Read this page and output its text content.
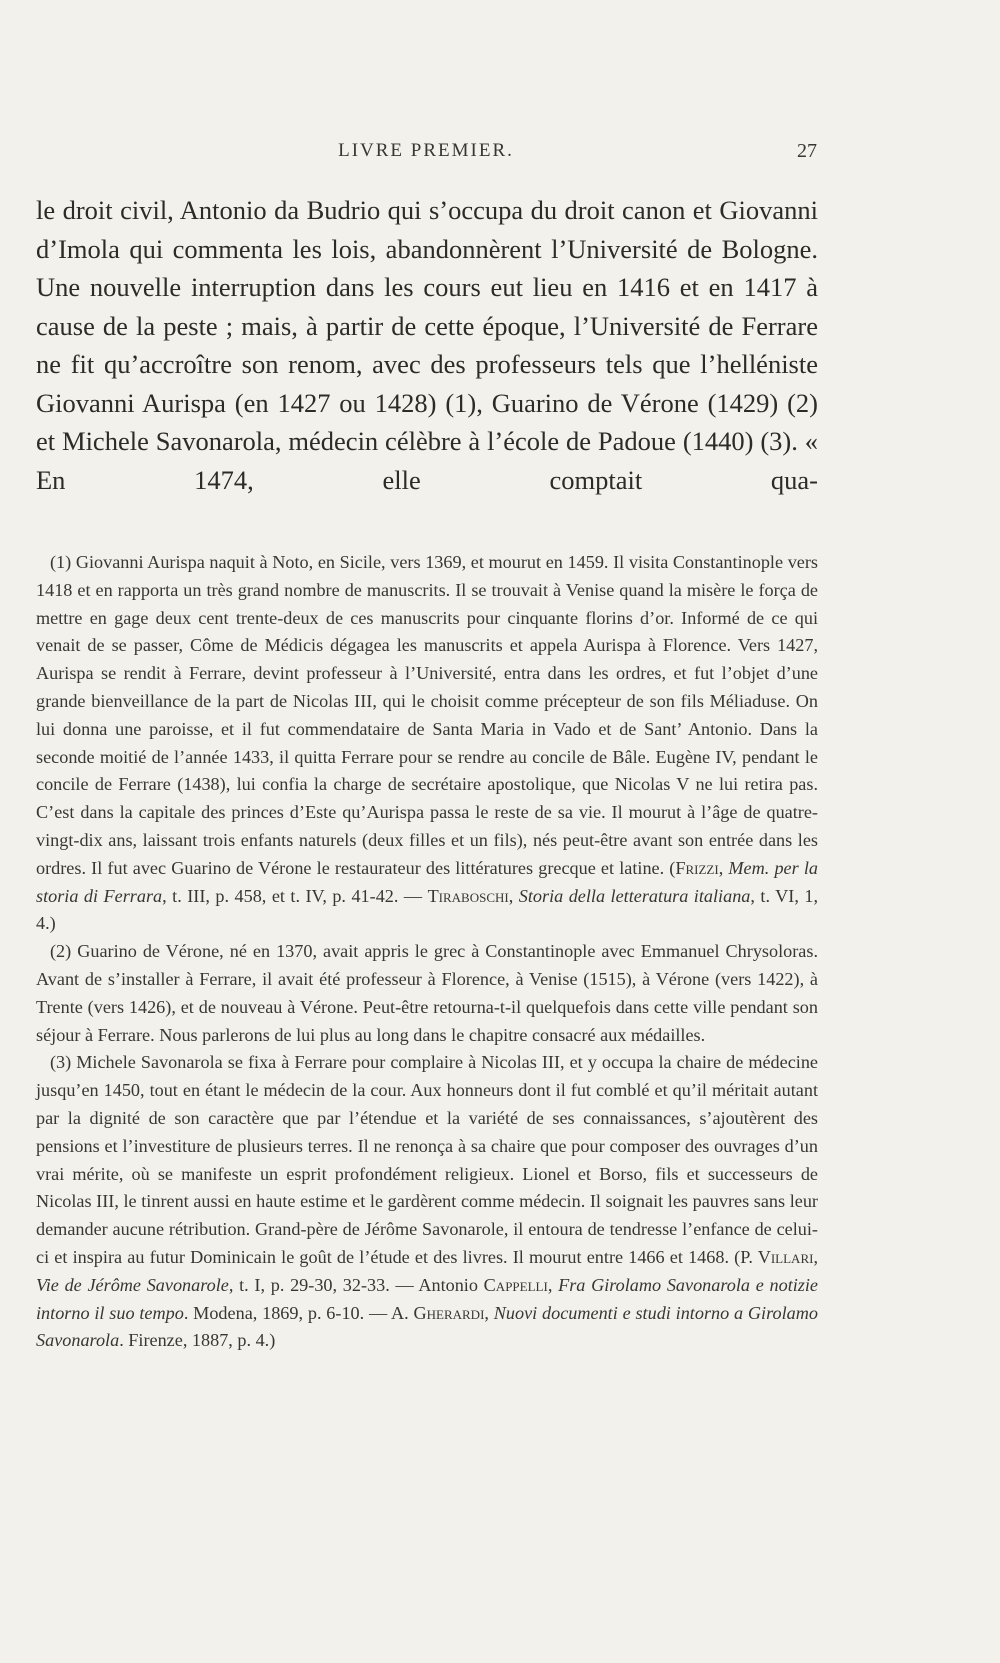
LIVRE PREMIER.	27

le droit civil, Antonio da Budrio qui s’occupa du droit canon et Giovanni d’Imola qui commenta les lois, abandonnèrent l’Université de Bologne. Une nouvelle interruption dans les cours eut lieu en 1416 et en 1417 à cause de la peste ; mais, à partir de cette époque, l’Université de Ferrare ne fit qu’accroître son renom, avec des professeurs tels que l’helléniste Giovanni Aurispa (en 1427 ou 1428) (1), Guarino de Vérone (1429) (2) et Michele Savonarola, médecin célèbre à l’école de Padoue (1440) (3). « En 1474, elle comptait qua-

(1) Giovanni Aurispa naquit à Noto, en Sicile, vers 1369, et mourut en 1459. Il visita Constantinople vers 1418 et en rapporta un très grand nombre de manuscrits. Il se trouvait à Venise quand la misère le força de mettre en gage deux cent trente-deux de ces manuscrits pour cinquante florins d’or. Informé de ce qui venait de se passer, Côme de Médicis dégagea les manuscrits et appela Aurispa à Florence. Vers 1427, Aurispa se rendit à Ferrare, devint professeur à l’Université, entra dans les ordres, et fut l’objet d’une grande bienveillance de la part de Nicolas III, qui le choisit comme précepteur de son fils Méliaduse. On lui donna une paroisse, et il fut commendataire de Santa Maria in Vado et de Sant’ Antonio. Dans la seconde moitié de l’année 1433, il quitta Ferrare pour se rendre au concile de Bâle. Eugène IV, pendant le concile de Ferrare (1438), lui confia la charge de secrétaire apostolique, que Nicolas V ne lui retira pas. C’est dans la capitale des princes d’Este qu’Aurispa passa le reste de sa vie. Il mourut à l’âge de quatre-vingt-dix ans, laissant trois enfants naturels (deux filles et un fils), nés peut-être avant son entrée dans les ordres. Il fut avec Guarino de Vérone le restaurateur des littératures grecque et latine. (Frizzi, Mem. per la storia di Ferrara, t. III, p. 458, et t. IV, p. 41-42. — Tiraboschi, Storia della letteratura italiana, t. VI, 1, 4.)

(2) Guarino de Vérone, né en 1370, avait appris le grec à Constantinople avec Emmanuel Chrysoloras. Avant de s’installer à Ferrare, il avait été professeur à Florence, à Venise (1515), à Vérone (vers 1422), à Trente (vers 1426), et de nouveau à Vérone. Peut-être retourna-t-il quelquefois dans cette ville pendant son séjour à Ferrare. Nous parlerons de lui plus au long dans le chapitre consacré aux médailles.

(3) Michele Savonarola se fixa à Ferrare pour complaire à Nicolas III, et y occupa la chaire de médecine jusqu’en 1450, tout en étant le médecin de la cour. Aux honneurs dont il fut comblé et qu’il méritait autant par la dignité de son caractère que par l’étendue et la variété de ses connaissances, s’ajoutèrent des pensions et l’investiture de plusieurs terres. Il ne renonça à sa chaire que pour composer des ouvrages d’un vrai mérite, où se manifeste un esprit profondément religieux. Lionel et Borso, fils et successeurs de Nicolas III, le tinrent aussi en haute estime et le gardèrent comme médecin. Il soignait les pauvres sans leur demander aucune rétribution. Grand-père de Jérôme Savonarole, il entoura de tendresse l’enfance de celui-ci et inspira au futur Dominicain le goût de l’étude et des livres. Il mourut entre 1466 et 1468. (P. Villari, Vie de Jérôme Savonarole, t. I, p. 29-30, 32-33. — Antonio Cappelli, Fra Girolamo Savonarola e notizie intorno il suo tempo. Modena, 1869, p. 6-10. — A. Gherardi, Nuovi documenti e studi intorno a Girolamo Savonarola. Firenze, 1887, p. 4.)
